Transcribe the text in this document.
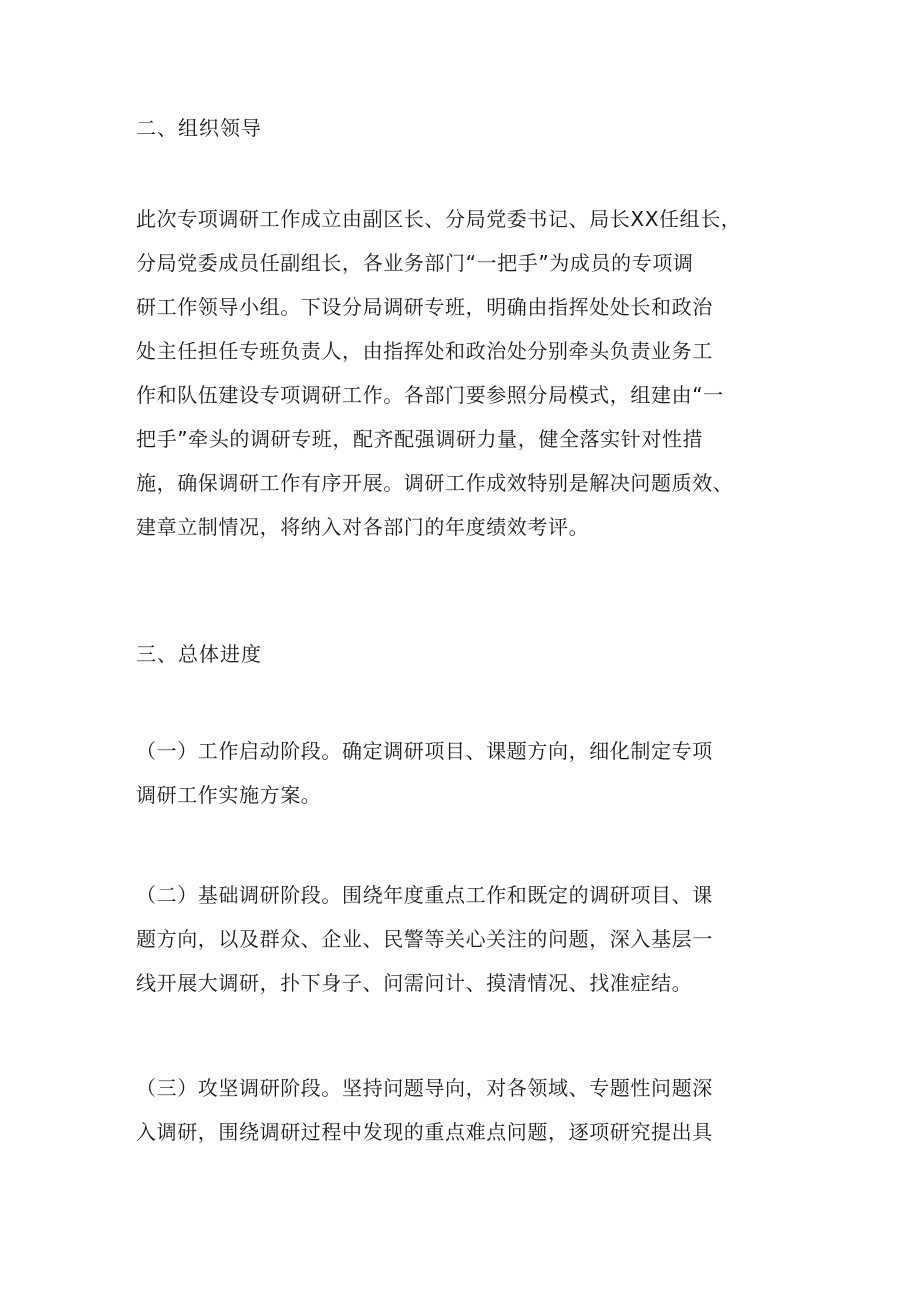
二、组织领导
此次专项调研工作成立由副区长、分局党委书记、局长XX任组长，
分局党委成员任副组长，各业务部门“一把手”为成员的专项调
研工作领导小组。下设分局调研专班，明确由指挥处处长和政治
处主任担任专班负责人，由指挥处和政治处分别牵头负责业务工
作和队伍建设专项调研工作。各部门要参照分局模式，组建由“一
把手”牵头的调研专班，配齐配强调研力量，健全落实针对性措
施，确保调研工作有序开展。调研工作成效特别是解决问题质效、
建章立制情况，将纳入对各部门的年度绩效考评。
三、总体进度
（一）工作启动阶段。确定调研项目、课题方向，细化制定专项
调研工作实施方案。
（二）基础调研阶段。围绕年度重点工作和既定的调研项目、课
题方向，以及群众、企业、民警等关心关注的问题，深入基层一
线开展大调研，扑下身子、问需问计、摸清情况、找准症结。
（三）攻坚调研阶段。坚持问题导向，对各领域、专题性问题深
入调研，围绕调研过程中发现的重点难点问题，逐项研究提出具
